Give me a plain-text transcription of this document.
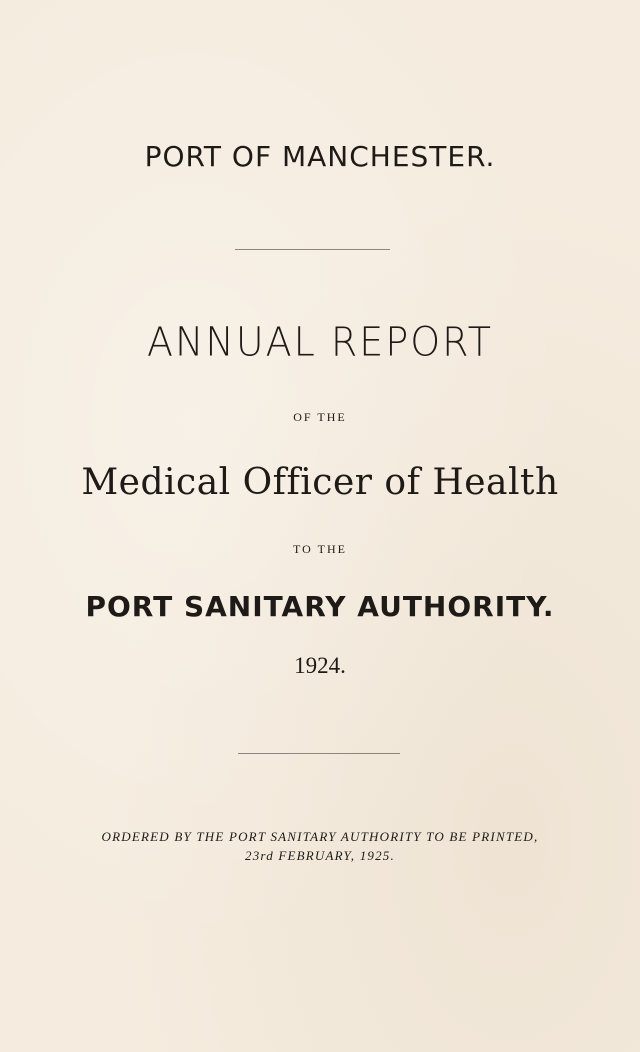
PORT OF MANCHESTER.
ANNUAL REPORT
OF THE
Medical Officer of Health
TO THE
PORT SANITARY AUTHORITY.
1924.
ORDERED BY THE PORT SANITARY AUTHORITY TO BE PRINTED,
23rd FEBRUARY, 1925.
